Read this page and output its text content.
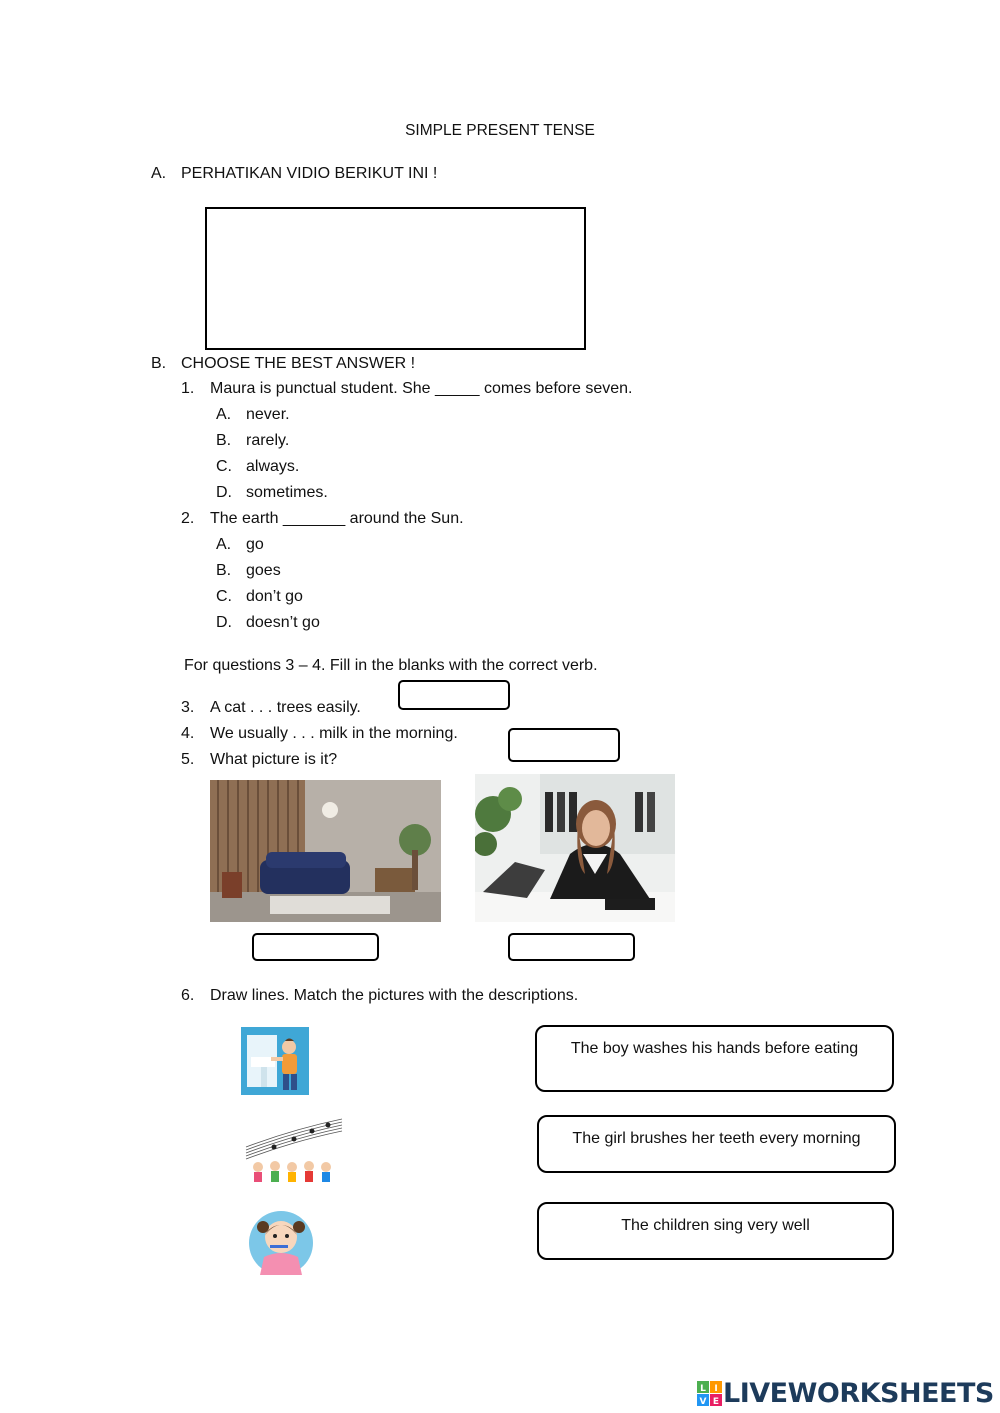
SIMPLE PRESENT TENSE
A. PERHATIKAN VIDIO BERIKUT INI !
B. CHOOSE THE BEST ANSWER !
1. Maura is punctual student. She _____ comes before seven.
A. never.
B. rarely.
C. always.
D. sometimes.
2. The earth _______ around the Sun.
A. go
B. goes
C. don’t go
D. doesn’t go
For questions 3 – 4. Fill in the blanks with the correct verb.
3. A cat . . . trees easily.
4. We usually . . . milk in the morning.
5. What picture is it?
6. Draw lines. Match the pictures with the descriptions.
The boy washes his hands before eating
The girl brushes her teeth every morning
The children sing very well
L I
V E LIVEWORKSHEETS
